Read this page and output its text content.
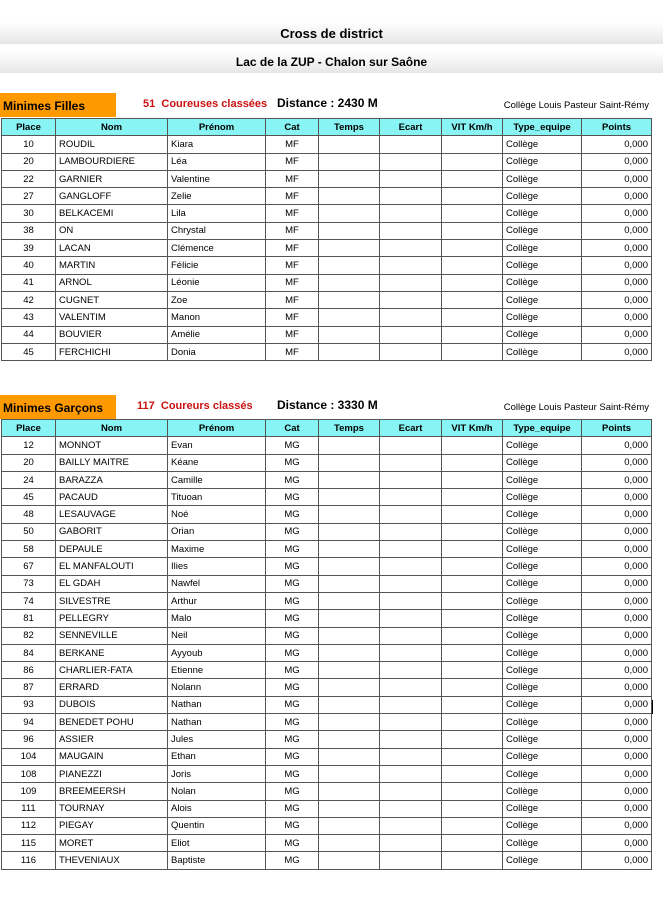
Cross de district
Lac de la ZUP - Chalon sur Saône
Minimes Filles	51 Coureuses classées Distance : 2430 M	Collège Louis Pasteur Saint-Rémy
Place	Nom	Prénom	Cat	Temps	Ecart	VIT Km/h	Type_equipe	Points
10	ROUDIL	Kiara	MF				Collège	0,000
20	LAMBOURDIERE	Léa	MF				Collège	0,000
22	GARNIER	Valentine	MF				Collège	0,000
27	GANGLOFF	Zelie	MF				Collège	0,000
30	BELKACEMI	Lila	MF				Collège	0,000
38	ON	Chrystal	MF				Collège	0,000
39	LACAN	Clémence	MF				Collège	0,000
40	MARTIN	Félicie	MF				Collège	0,000
41	ARNOL	Léonie	MF				Collège	0,000
42	CUGNET	Zoe	MF				Collège	0,000
43	VALENTIM	Manon	MF				Collège	0,000
44	BOUVIER	Amélie	MF				Collège	0,000
45	FERCHICHI	Donia	MF				Collège	0,000
Minimes Garçons	117 Coureurs classés Distance : 3330 M	Collège Louis Pasteur Saint-Rémy
Place	Nom	Prénom	Cat	Temps	Ecart	VIT Km/h	Type_equipe	Points
12	MONNOT	Evan	MG				Collège	0,000
20	BAILLY MAITRE	Kéane	MG				Collège	0,000
24	BARAZZA	Camille	MG				Collège	0,000
45	PACAUD	Tituoan	MG				Collège	0,000
48	LESAUVAGE	Noé	MG				Collège	0,000
50	GABORIT	Orian	MG				Collège	0,000
58	DEPAULE	Maxime	MG				Collège	0,000
67	EL MANFALOUTI	Ilies	MG				Collège	0,000
73	EL GDAH	Nawfel	MG				Collège	0,000
74	SILVESTRE	Arthur	MG				Collège	0,000
81	PELLEGRY	Malo	MG				Collège	0,000
82	SENNEVILLE	Neil	MG				Collège	0,000
84	BERKANE	Ayyoub	MG				Collège	0,000
86	CHARLIER-FATA	Etienne	MG				Collège	0,000
87	ERRARD	Nolann	MG				Collège	0,000
93	DUBOIS	Nathan	MG				Collège	0,000
94	BENEDET POHU	Nathan	MG				Collège	0,000
96	ASSIER	Jules	MG				Collège	0,000
104	MAUGAIN	Ethan	MG				Collège	0,000
108	PIANEZZI	Joris	MG				Collège	0,000
109	BREEMEERSH	Nolan	MG				Collège	0,000
111	TOURNAY	Alois	MG				Collège	0,000
112	PIEGAY	Quentin	MG				Collège	0,000
115	MORET	Eliot	MG				Collège	0,000
116	THEVENIAUX	Baptiste	MG				Collège	0,000
